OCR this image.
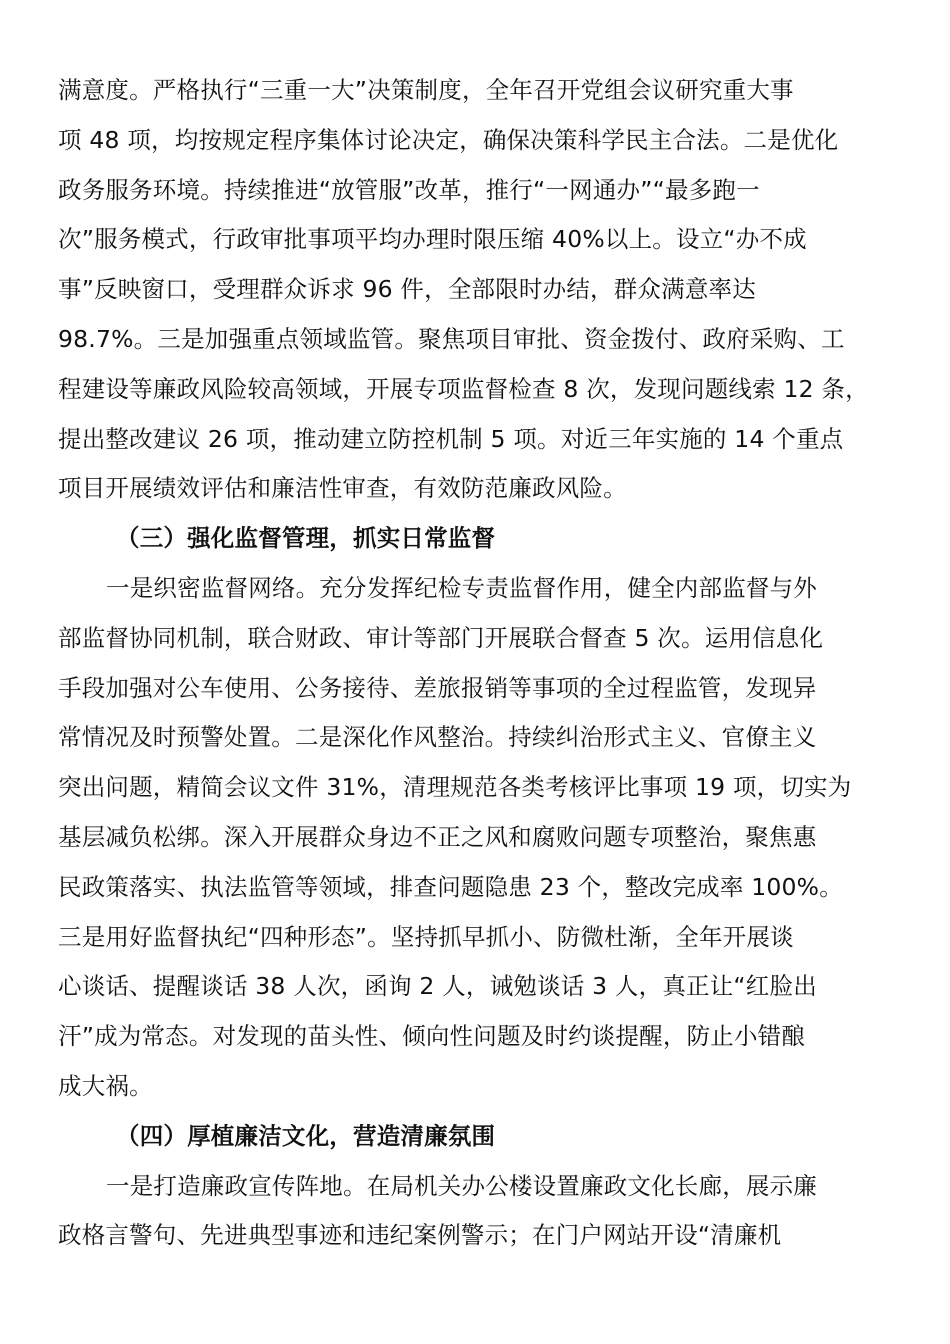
满意度。严格执行“三重一大”决策制度，全年召开党组会议研究重大事
项 48 项，均按规定程序集体讨论决定，确保决策科学民主合法。二是优化
政务服务环境。持续推进“放管服”改革，推行“一网通办”“最多跑一
次”服务模式，行政审批事项平均办理时限压缩 40%以上。设立“办不成
事”反映窗口，受理群众诉求 96 件，全部限时办结，群众满意率达
98.7%。三是加强重点领域监管。聚焦项目审批、资金拨付、政府采购、工
程建设等廉政风险较高领域，开展专项监督检查 8 次，发现问题线索 12 条，
提出整改建议 26 项，推动建立防控机制 5 项。对近三年实施的 14 个重点
项目开展绩效评估和廉洁性审查，有效防范廉政风险。
（三）强化监督管理，抓实日常监督
一是织密监督网络。充分发挥纪检专责监督作用，健全内部监督与外
部监督协同机制，联合财政、审计等部门开展联合督查 5 次。运用信息化
手段加强对公车使用、公务接待、差旅报销等事项的全过程监管，发现异
常情况及时预警处置。二是深化作风整治。持续纠治形式主义、官僚主义
突出问题，精简会议文件 31%，清理规范各类考核评比事项 19 项，切实为
基层减负松绑。深入开展群众身边不正之风和腐败问题专项整治，聚焦惠
民政策落实、执法监管等领域，排查问题隐患 23 个，整改完成率 100%。
三是用好监督执纪“四种形态”。坚持抓早抓小、防微杜渐，全年开展谈
心谈话、提醒谈话 38 人次，函询 2 人，诫勉谈话 3 人，真正让“红脸出
汗”成为常态。对发现的苗头性、倾向性问题及时约谈提醒，防止小错酿
成大祸。
（四）厚植廉洁文化，营造清廉氛围
一是打造廉政宣传阵地。在局机关办公楼设置廉政文化长廊，展示廉
政格言警句、先进典型事迹和违纪案例警示；在门户网站开设“清廉机
